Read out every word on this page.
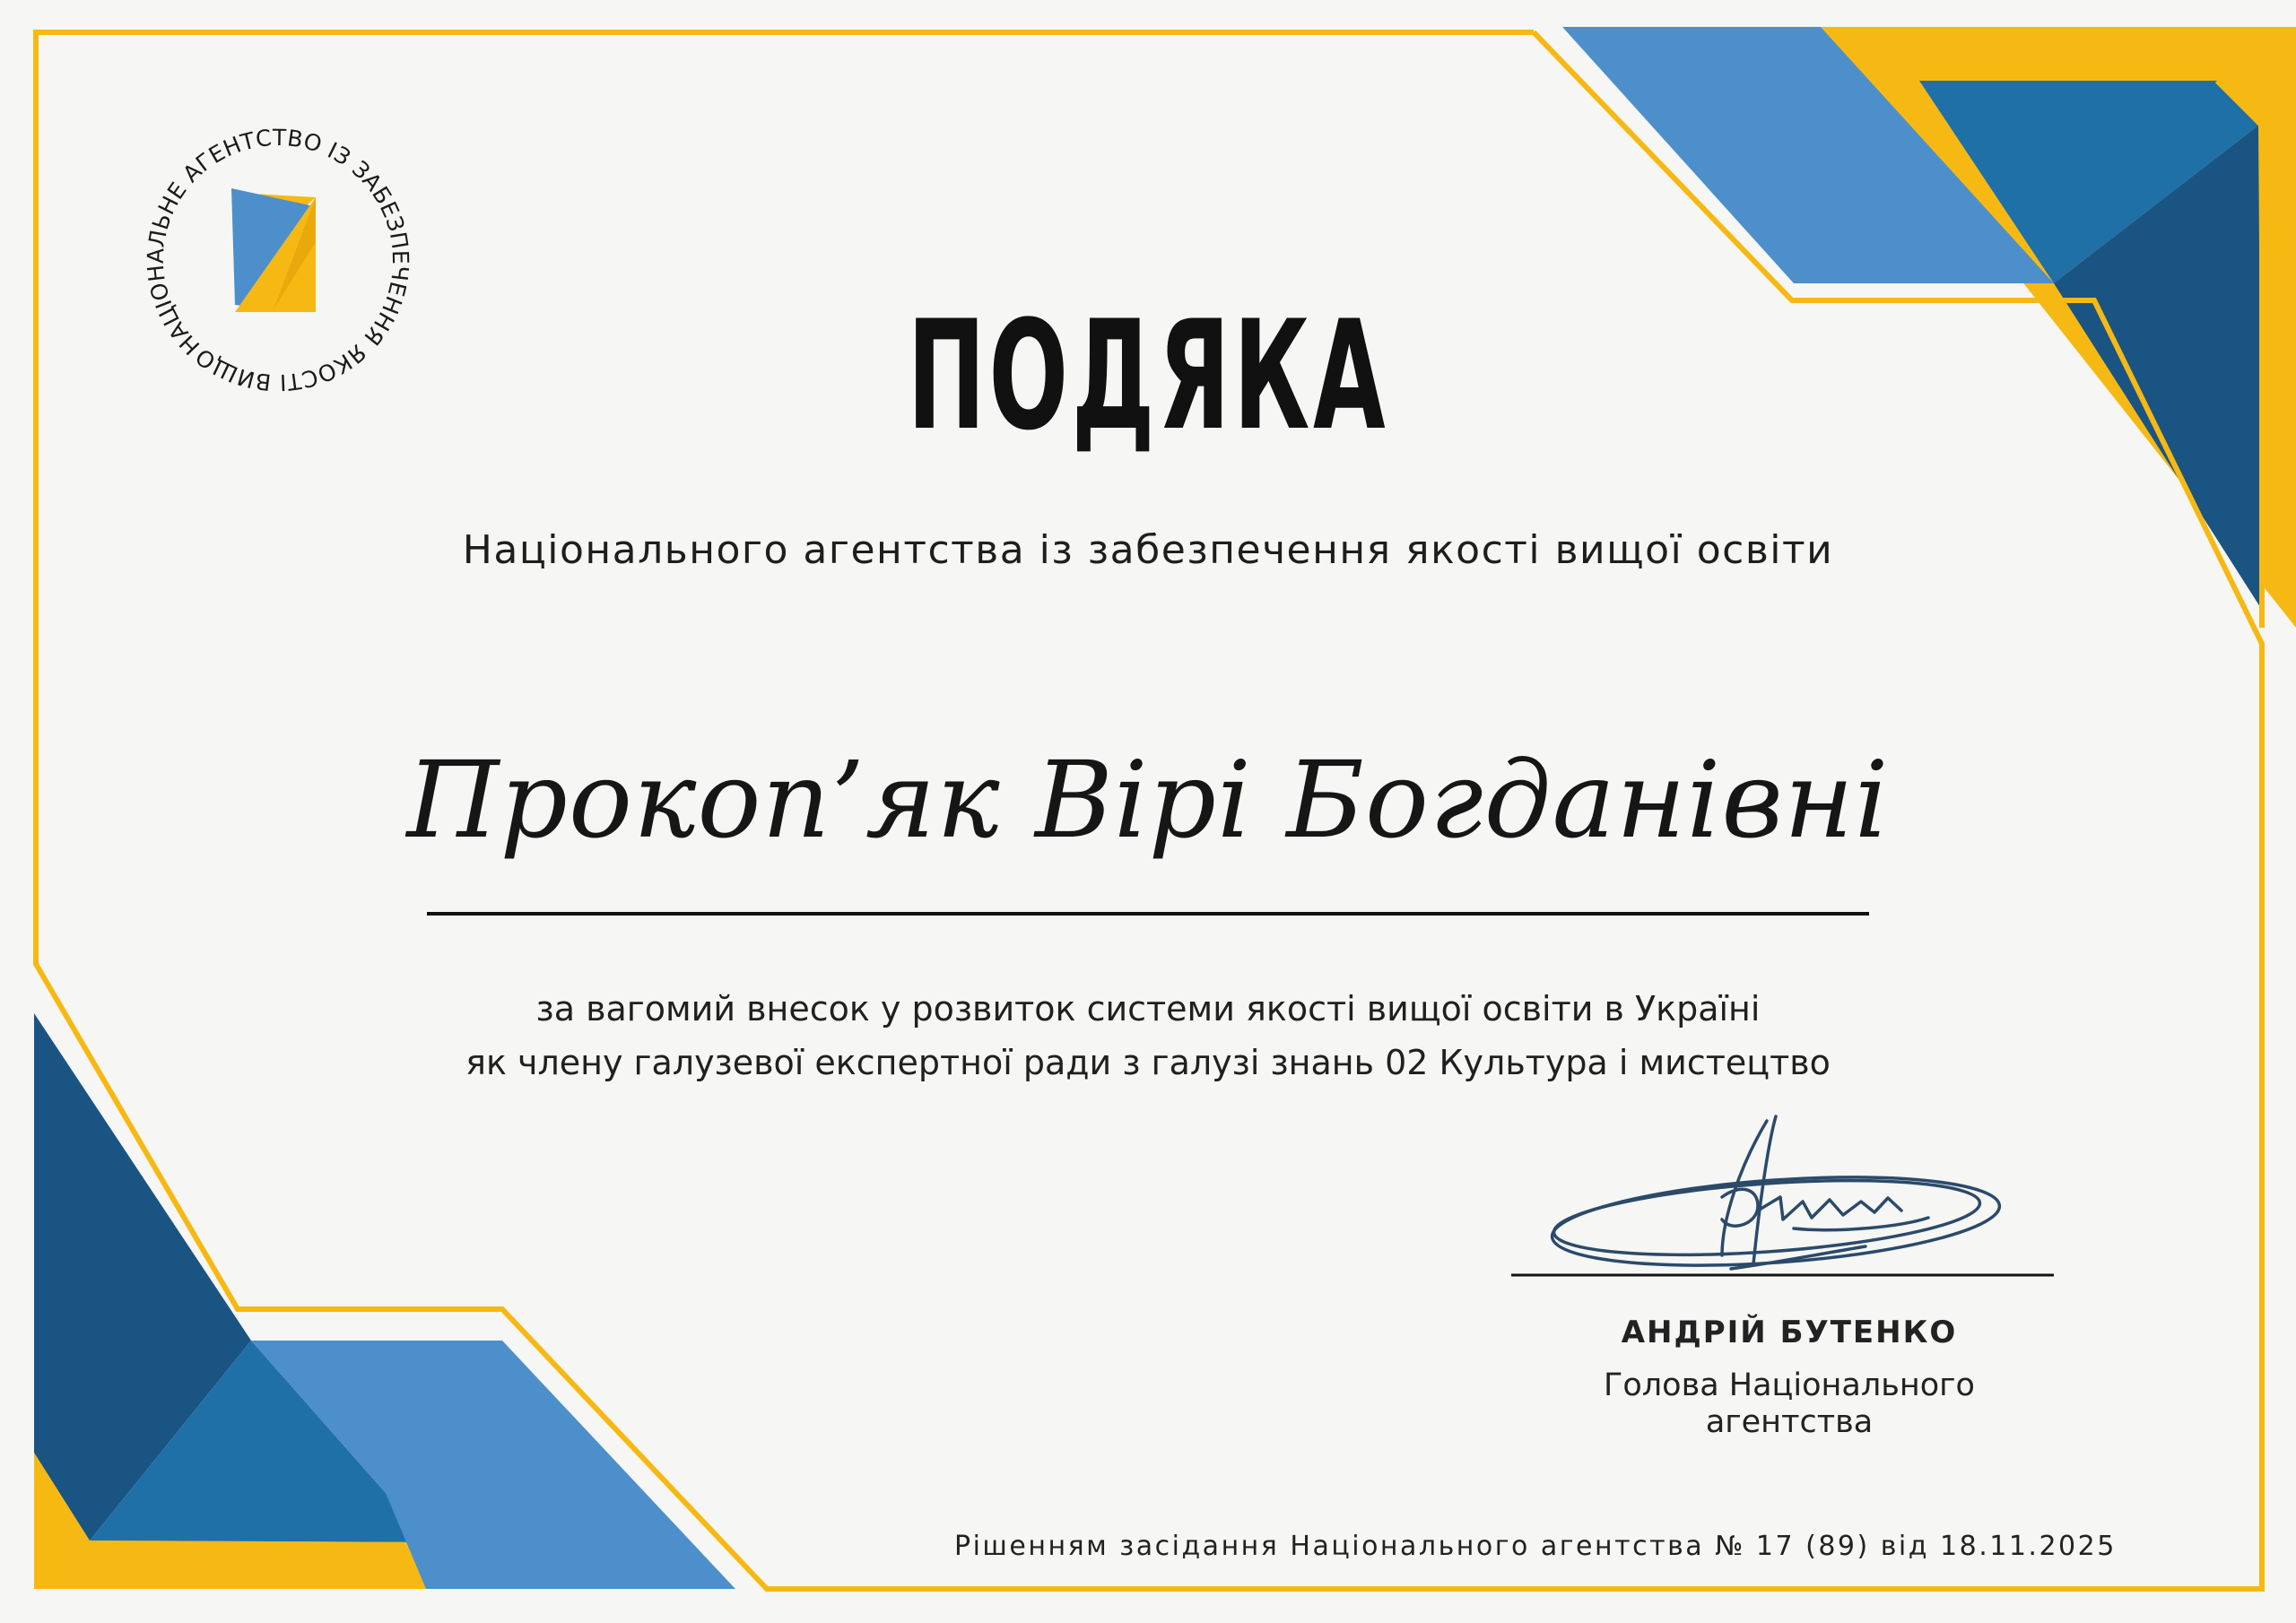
НАЦІОНАЛЬНЕ АГЕНТСТВО ІЗ ЗАБЕЗПЕЧЕННЯ ЯКОСТІ ВИЩОЇ
ПОДЯКА
Національного агентства із забезпечення якості вищої освіти
Прокоп’як Вірі Богданівні
за вагомий внесок у розвиток системи якості вищої освіти в Україні
як члену галузевої експертної ради з галузі знань 02 Культура і мистецтво
АНДРІЙ БУТЕНКО
Голова Національного
агентства
Рішенням засідання Національного агентства № 17 (89) від 18.11.2025
